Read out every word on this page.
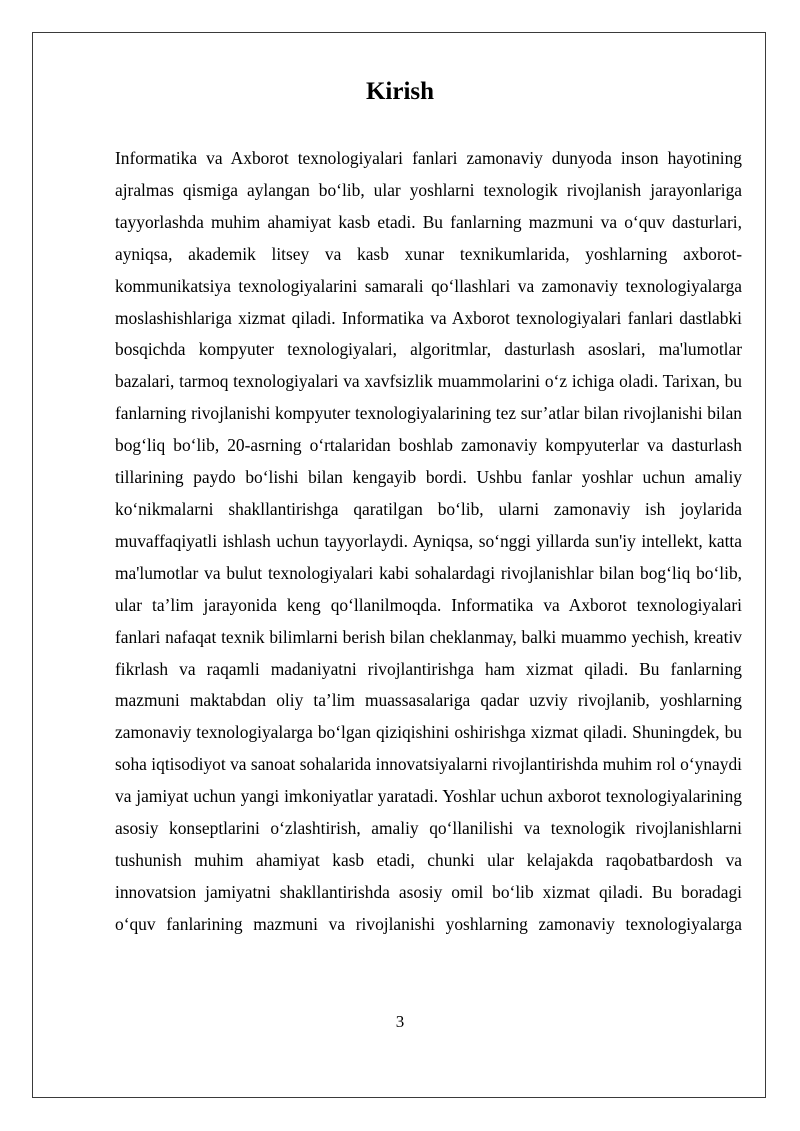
Kirish

Informatika va Axborot texnologiyalari fanlari zamonaviy dunyoda inson hayotining ajralmas qismiga aylangan bo‘lib, ular yoshlarni texnologik rivojlanish jarayonlariga tayyorlashda muhim ahamiyat kasb etadi. Bu fanlarning mazmuni va o‘quv dasturlari, ayniqsa, akademik litsey va kasb xunar texnikumlarida, yoshlarning axborot-kommunikatsiya texnologiyalarini samarali qo‘llashlari va zamonaviy texnologiyalarga moslashishlariga xizmat qiladi. Informatika va Axborot texnologiyalari fanlari dastlabki bosqichda kompyuter texnologiyalari, algoritmlar, dasturlash asoslari, ma'lumotlar bazalari, tarmoq texnologiyalari va xavfsizlik muammolarini o‘z ichiga oladi. Tarixan, bu fanlarning rivojlanishi kompyuter texnologiyalarining tez sur’atlar bilan rivojlanishi bilan bog‘liq bo‘lib, 20-asrning o‘rtalaridan boshlab zamonaviy kompyuterlar va dasturlash tillarining paydo bo‘lishi bilan kengayib bordi. Ushbu fanlar yoshlar uchun amaliy ko‘nikmalarni shakllantirishga qaratilgan bo‘lib, ularni zamonaviy ish joylarida muvaffaqiyatli ishlash uchun tayyorlaydi. Ayniqsa, so‘nggi yillarda sun'iy intellekt, katta ma'lumotlar va bulut texnologiyalari kabi sohalardagi rivojlanishlar bilan bog‘liq bo‘lib, ular ta’lim jarayonida keng qo‘llanilmoqda. Informatika va Axborot texnologiyalari fanlari nafaqat texnik bilimlarni berish bilan cheklanmay, balki muammo yechish, kreativ fikrlash va raqamli madaniyatni rivojlantirishga ham xizmat qiladi. Bu fanlarning mazmuni maktabdan oliy ta’lim muassasalariga qadar uzviy rivojlanib, yoshlarning zamonaviy texnologiyalarga bo‘lgan qiziqishini oshirishga xizmat qiladi. Shuningdek, bu soha iqtisodiyot va sanoat sohalarida innovatsiyalarni rivojlantirishda muhim rol o‘ynaydi va jamiyat uchun yangi imkoniyatlar yaratadi. Yoshlar uchun axborot texnologiyalarining asosiy konseptlarini o‘zlashtirish, amaliy qo‘llanilishi va texnologik rivojlanishlarni tushunish muhim ahamiyat kasb etadi, chunki ular kelajakda raqobatbardosh va innovatsion jamiyatni shakllantirishda asosiy omil bo‘lib xizmat qiladi. Bu boradagi o‘quv fanlarining mazmuni va rivojlanishi yoshlarning zamonaviy texnologiyalarga

3
